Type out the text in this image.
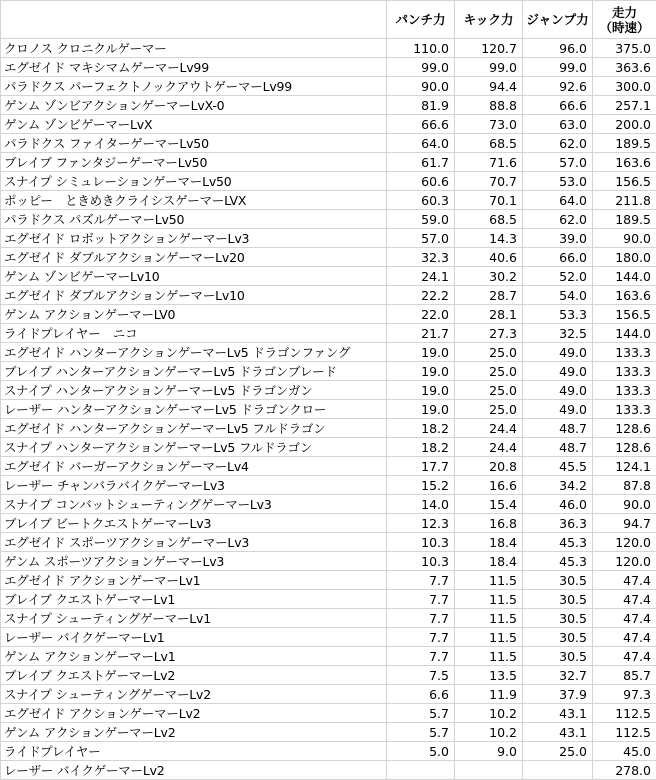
	パンチ力	キック力	ジャンプ力	走力
（時速）
クロノス クロニクルゲーマー	110.0	120.7	96.0	375.0
エグゼイド マキシマムゲーマーLv99	99.0	99.0	99.0	363.6
パラドクス パーフェクトノックアウトゲーマーLv99	90.0	94.4	92.6	300.0
ゲンム ゾンビアクションゲーマーLvX-0	81.9	88.8	66.6	257.1
ゲンム ゾンビゲーマーLvX	66.6	73.0	63.0	200.0
パラドクス ファイターゲーマーLv50	64.0	68.5	62.0	189.5
ブレイブ ファンタジーゲーマーLv50	61.7	71.6	57.0	163.6
スナイプ シミュレーションゲーマーLv50	60.6	70.7	53.0	156.5
ポッピー　ときめきクライシスゲーマーLVX	60.3	70.1	64.0	211.8
パラドクス パズルゲーマーLv50	59.0	68.5	62.0	189.5
エグゼイド ロボットアクションゲーマーLv3	57.0	14.3	39.0	90.0
エグゼイド ダブルアクションゲーマーLv20	32.3	40.6	66.0	180.0
ゲンム ゾンビゲーマーLv10	24.1	30.2	52.0	144.0
エグゼイド ダブルアクションゲーマーLv10	22.2	28.7	54.0	163.6
ゲンム アクションゲーマーLV0	22.0	28.1	53.3	156.5
ライドプレイヤー　ニコ	21.7	27.3	32.5	144.0
エグゼイド ハンターアクションゲーマーLv5 ドラゴンファング	19.0	25.0	49.0	133.3
ブレイブ ハンターアクションゲーマーLv5 ドラゴンブレード	19.0	25.0	49.0	133.3
スナイプ ハンターアクションゲーマーLv5 ドラゴンガン	19.0	25.0	49.0	133.3
レーザー ハンターアクションゲーマーLv5 ドラゴンクロー	19.0	25.0	49.0	133.3
エグゼイド ハンターアクションゲーマーLv5 フルドラゴン	18.2	24.4	48.7	128.6
スナイプ ハンターアクションゲーマーLv5 フルドラゴン	18.2	24.4	48.7	128.6
エグゼイド バーガーアクションゲーマーLv4	17.7	20.8	45.5	124.1
レーザー チャンバラバイクゲーマーLv3	15.2	16.6	34.2	87.8
スナイプ コンバットシューティングゲーマーLv3	14.0	15.4	46.0	90.0
ブレイブ ビートクエストゲーマーLv3	12.3	16.8	36.3	94.7
エグゼイド スポーツアクションゲーマーLv3	10.3	18.4	45.3	120.0
ゲンム スポーツアクションゲーマーLv3	10.3	18.4	45.3	120.0
エグゼイド アクションゲーマーLv1	7.7	11.5	30.5	47.4
ブレイブ クエストゲーマーLv1	7.7	11.5	30.5	47.4
スナイプ シューティングゲーマーLv1	7.7	11.5	30.5	47.4
レーザー バイクゲーマーLv1	7.7	11.5	30.5	47.4
ゲンム アクションゲーマーLv1	7.7	11.5	30.5	47.4
ブレイブ クエストゲーマーLv2	7.5	13.5	32.7	85.7
スナイプ シューティングゲーマーLv2	6.6	11.9	37.9	97.3
エグゼイド アクションゲーマーLv2	5.7	10.2	43.1	112.5
ゲンム アクションゲーマーLv2	5.7	10.2	43.1	112.5
ライドプレイヤー	5.0	9.0	25.0	45.0
レーザー バイクゲーマーLv2				278.0
